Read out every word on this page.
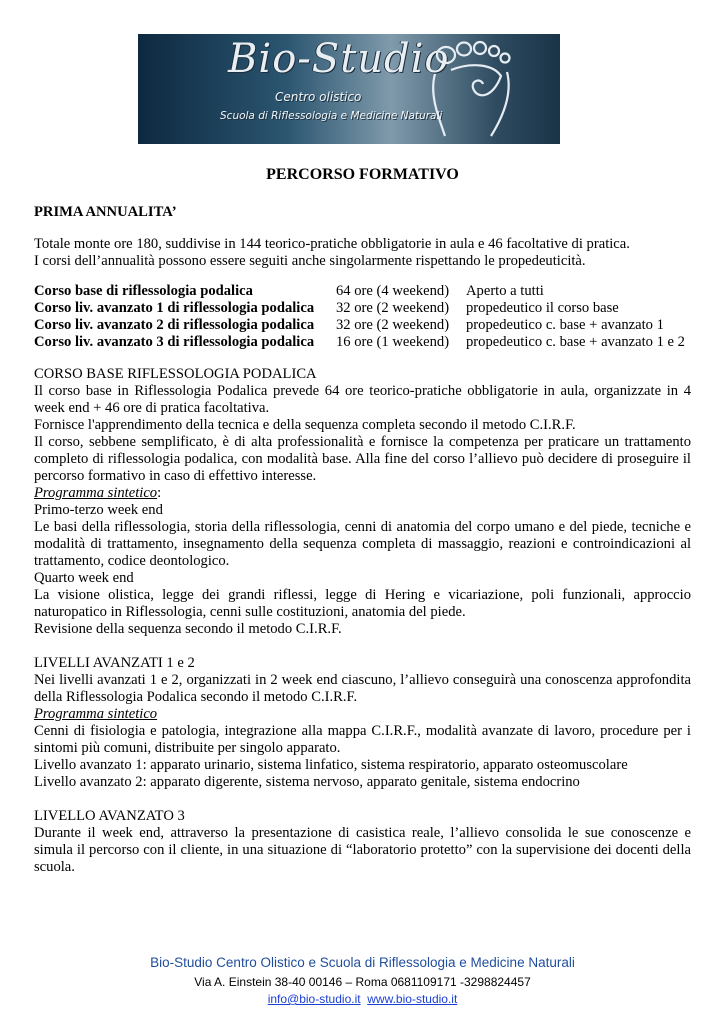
Bio-Studio
Centro olistico
Scuola di Riflessologia e Medicine Naturali
PERCORSO FORMATIVO

PRIMA ANNUALITA’

Totale monte ore 180, suddivise in 144 teorico-pratiche obbligatorie in aula e 46 facoltative di pratica.

I corsi dell’annualità possono essere seguiti anche singolarmente rispettando le propedeuticità.

Corso base di riflessologia podalica	64 ore (4 weekend)	Aperto a tutti
Corso liv. avanzato 1 di riflessologia podalica	32 ore (2 weekend)	propedeutico il corso base
Corso liv. avanzato 2 di riflessologia podalica	32 ore (2 weekend)	propedeutico c. base + avanzato 1
Corso liv. avanzato 3 di riflessologia podalica	16 ore (1 weekend)	propedeutico c. base + avanzato 1 e 2

CORSO BASE RIFLESSOLOGIA PODALICA

Il corso base in Riflessologia Podalica prevede 64 ore teorico-pratiche obbligatorie in aula, organizzate in 4 week end + 46 ore di pratica facoltativa.

Fornisce l'apprendimento della tecnica e della sequenza completa secondo il metodo C.I.R.F.

Il corso, sebbene semplificato, è di alta professionalità e fornisce la competenza per praticare un trattamento completo di riflessologia podalica, con modalità base. Alla fine del corso l’allievo può decidere di proseguire il percorso formativo in caso di effettivo interesse.

Programma sintetico:

Primo-terzo week end

Le basi della riflessologia, storia della riflessologia, cenni di anatomia del corpo umano e del piede, tecniche e modalità di trattamento, insegnamento della sequenza completa di massaggio, reazioni e controindicazioni al trattamento, codice deontologico.

Quarto week end

La visione olistica, legge dei grandi riflessi, legge di Hering e vicariazione, poli funzionali, approccio naturopatico in Riflessologia, cenni sulle costituzioni, anatomia del piede.

Revisione della sequenza secondo il metodo C.I.R.F.

LIVELLI AVANZATI 1 e 2

Nei livelli avanzati 1 e 2, organizzati in 2 week end ciascuno, l’allievo conseguirà una conoscenza approfondita della Riflessologia Podalica secondo il metodo C.I.R.F.

Programma sintetico

Cenni di fisiologia e patologia, integrazione alla mappa C.I.R.F., modalità avanzate di lavoro, procedure per i sintomi più comuni, distribuite per singolo apparato.

Livello avanzato 1: apparato urinario, sistema linfatico, sistema respiratorio, apparato osteomuscolare

Livello avanzato 2: apparato digerente, sistema nervoso, apparato genitale, sistema endocrino

LIVELLO AVANZATO 3

Durante il week end, attraverso la presentazione di casistica reale, l’allievo consolida le sue conoscenze e simula il percorso con il cliente, in una situazione di “laboratorio protetto” con la supervisione dei docenti della scuola.

Bio-Studio Centro Olistico e Scuola di Riflessologia e Medicine Naturali

Via A. Einstein 38-40 00146 – Roma 0681109171 -3298824457

info@bio-studio.it www.bio-studio.it
